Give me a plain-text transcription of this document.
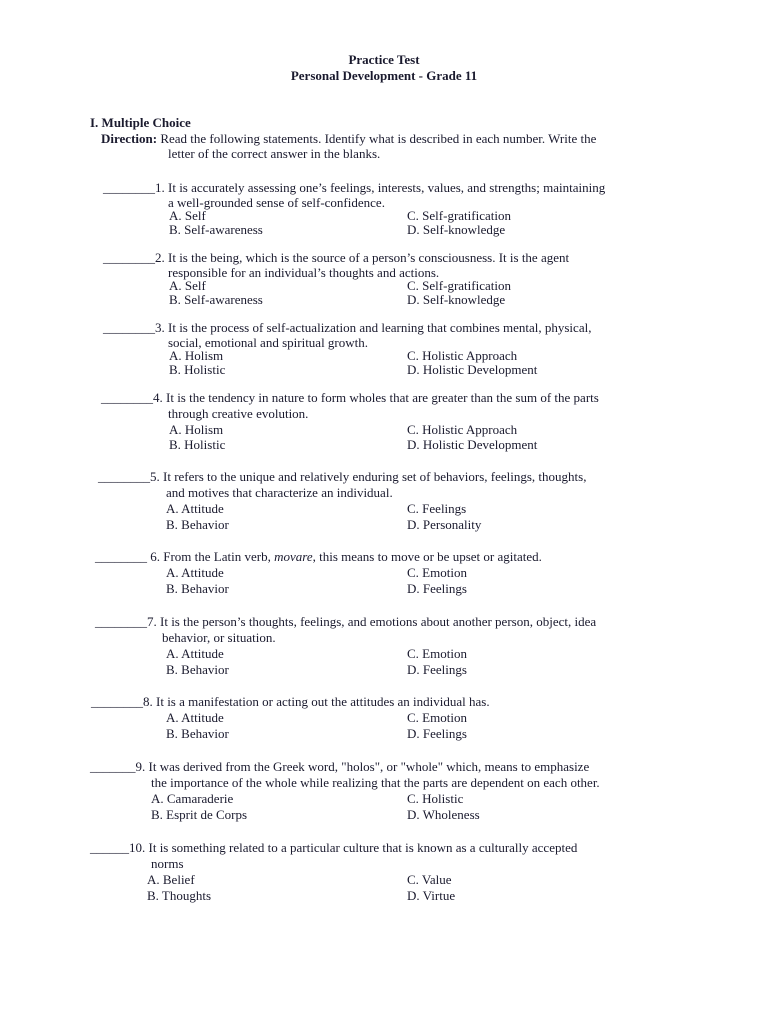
Practice Test
Personal Development - Grade 11
I. Multiple Choice
Direction: Read the following statements. Identify what is described in each number. Write the
letter of the correct answer in the blanks.
________1. It is accurately assessing one’s feelings, interests, values, and strengths; maintaining
a well-grounded sense of self-confidence.
A. Self	C. Self-gratification
B. Self-awareness	D. Self-knowledge
________2. It is the being, which is the source of a person’s consciousness. It is the agent
responsible for an individual’s thoughts and actions.
A. Self	C. Self-gratification
B. Self-awareness	D. Self-knowledge
________3. It is the process of self-actualization and learning that combines mental, physical,
social, emotional and spiritual growth.
A. Holism	C. Holistic Approach
B. Holistic	D. Holistic Development
________4. It is the tendency in nature to form wholes that are greater than the sum of the parts
through creative evolution.
A. Holism	C. Holistic Approach
B. Holistic	D. Holistic Development
________5. It refers to the unique and relatively enduring set of behaviors, feelings, thoughts,
and motives that characterize an individual.
A. Attitude	C. Feelings
B. Behavior	D. Personality
________ 6. From the Latin verb, movare, this means to move or be upset or agitated.
A. Attitude	C. Emotion
B. Behavior	D. Feelings
________7. It is the person’s thoughts, feelings, and emotions about another person, object, idea
behavior, or situation.
A. Attitude	C. Emotion
B. Behavior	D. Feelings
________8. It is a manifestation or acting out the attitudes an individual has.
A. Attitude	C. Emotion
B. Behavior	D. Feelings
_______9. It was derived from the Greek word, "holos", or "whole" which, means to emphasize
the importance of the whole while realizing that the parts are dependent on each other.
A. Camaraderie	C. Holistic
B. Esprit de Corps	D. Wholeness
______10. It is something related to a particular culture that is known as a culturally accepted
norms
A. Belief	C. Value
B. Thoughts	D. Virtue
